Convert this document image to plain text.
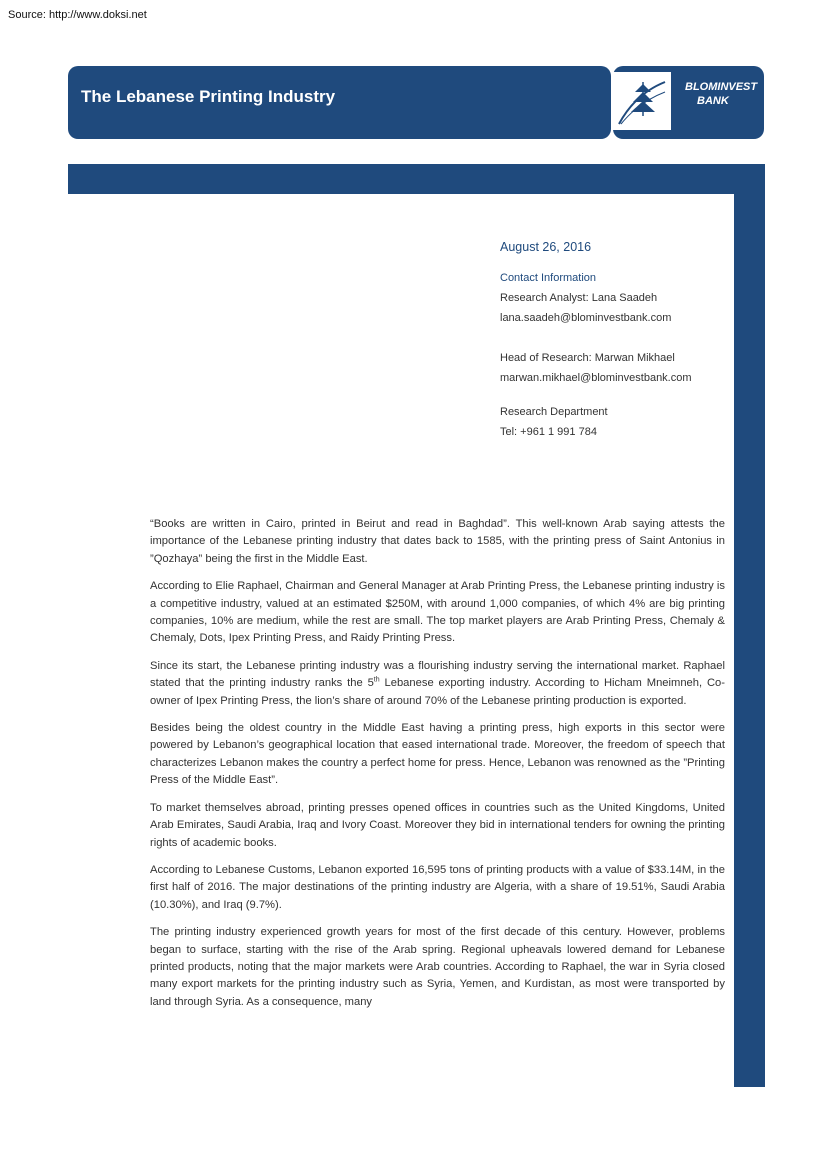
Source: http://www.doksi.net
The Lebanese Printing Industry	BLOMINVEST
BANK
August 26, 2016
Contact Information
Research Analyst: Lana Saadeh
lana.saadeh@blominvestbank.com
Head of Research: Marwan Mikhael
marwan.mikhael@blominvestbank.com
Research Department
Tel: +961 1 991 784

“Books are written in Cairo, printed in Beirut and read in Baghdad”. This well-known Arab saying attests the importance of the Lebanese printing industry that dates back to 1585, with the printing press of Saint Antonius in ”Qozhaya” being the first in the Middle East.

According to Elie Raphael, Chairman and General Manager at Arab Printing Press, the Lebanese printing industry is a competitive industry, valued at an estimated $250M, with around 1,000 companies, of which 4% are big printing companies, 10% are medium, while the rest are small. The top market players are Arab Printing Press, Chemaly & Chemaly, Dots, Ipex Printing Press, and Raidy Printing Press.

Since its start, the Lebanese printing industry was a flourishing industry serving the international market. Raphael stated that the printing industry ranks the 5th Lebanese exporting industry. According to Hicham Mneimneh, Co-owner of Ipex Printing Press, the lion’s share of around 70% of the Lebanese printing production is exported.

Besides being the oldest country in the Middle East having a printing press, high exports in this sector were powered by Lebanon’s geographical location that eased international trade. Moreover, the freedom of speech that characterizes Lebanon makes the country a perfect home for press. Hence, Lebanon was renowned as the ”Printing Press of the Middle East”.

To market themselves abroad, printing presses opened offices in countries such as the United Kingdoms, United Arab Emirates, Saudi Arabia, Iraq and Ivory Coast. Moreover they bid in international tenders for owning the printing rights of academic books.

According to Lebanese Customs, Lebanon exported 16,595 tons of printing products with a value of $33.14M, in the first half of 2016. The major destinations of the printing industry are Algeria, with a share of 19.51%, Saudi Arabia (10.30%), and Iraq (9.7%).

The printing industry experienced growth years for most of the first decade of this century. However, problems began to surface, starting with the rise of the Arab spring. Regional upheavals lowered demand for Lebanese printed products, noting that the major markets were Arab countries. According to Raphael, the war in Syria closed many export markets for the printing industry such as Syria, Yemen, and Kurdistan, as most were transported by land through Syria. As a consequence, many
